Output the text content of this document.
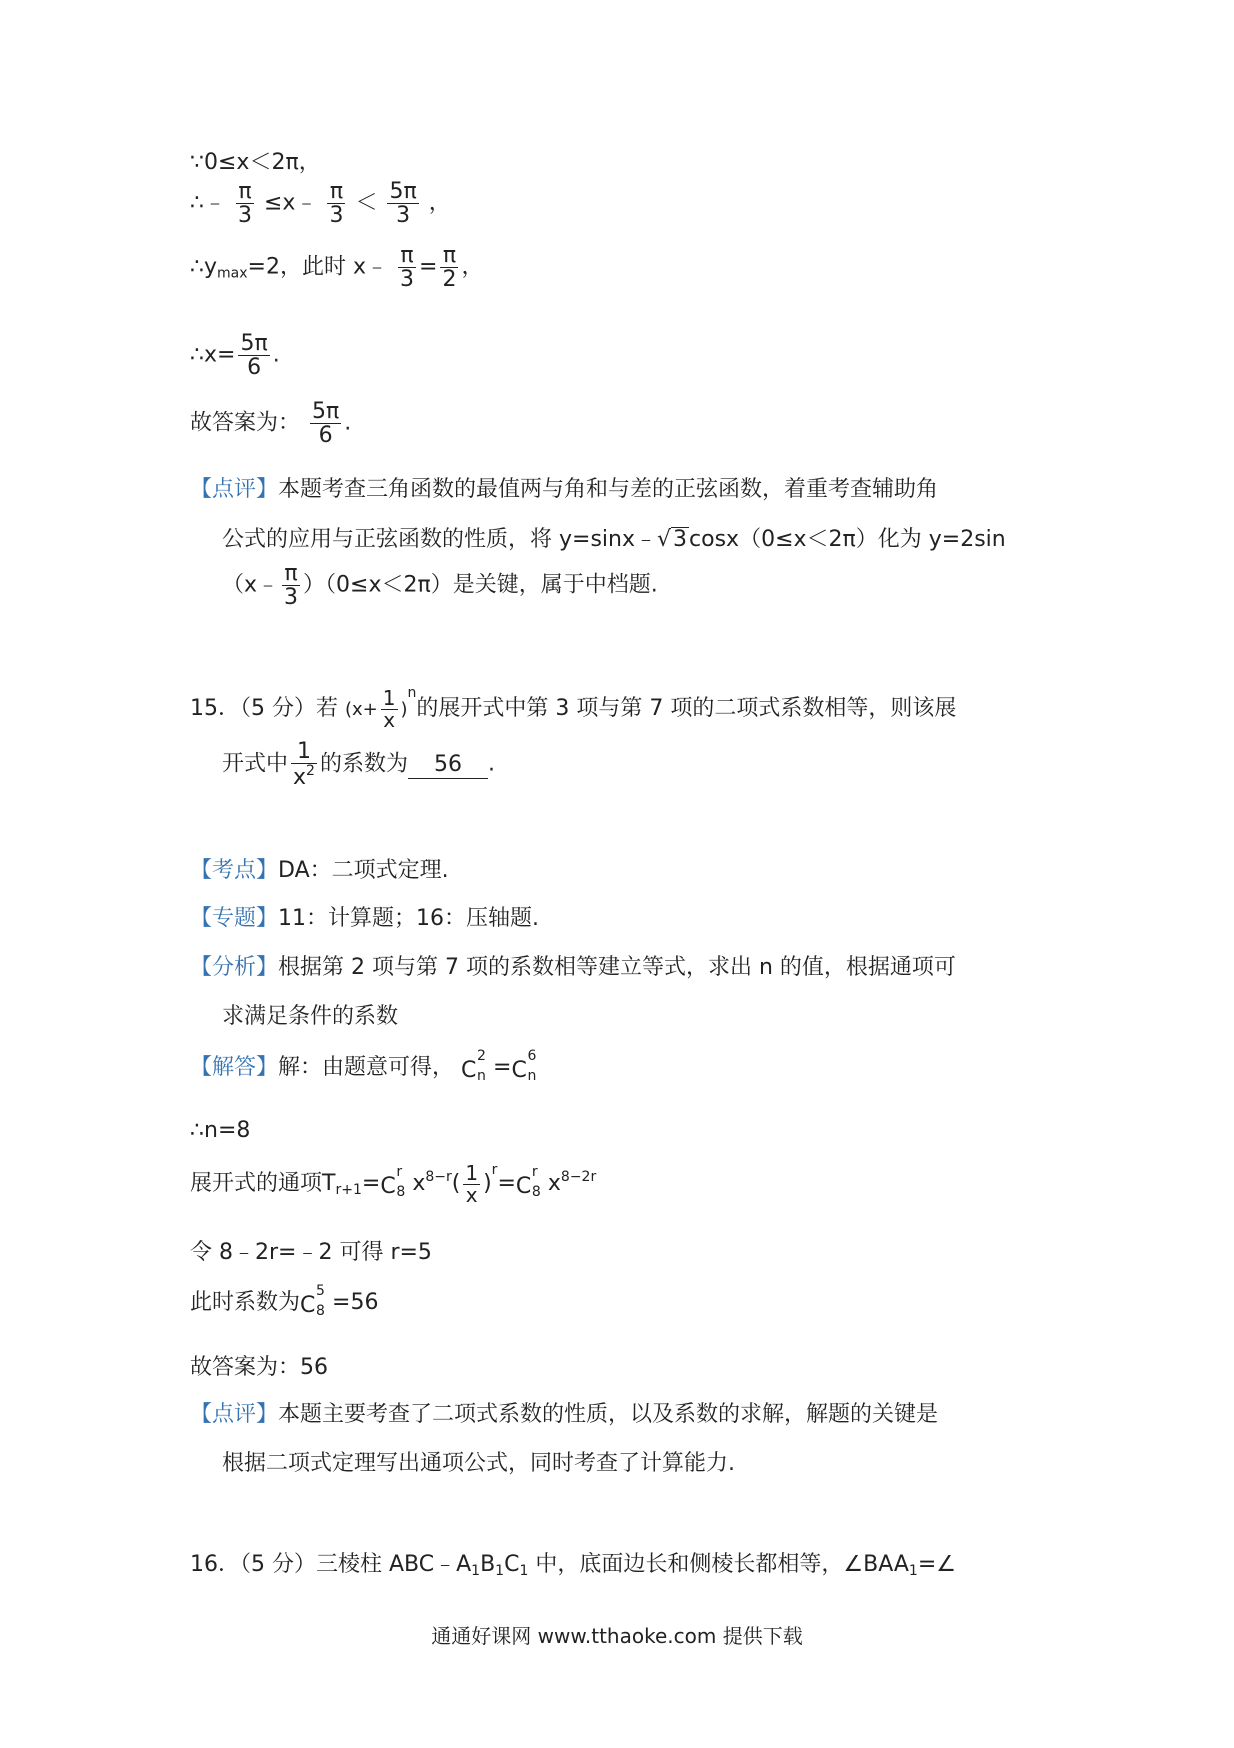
∵0≤x＜2π，
∴﹣ $\frac{\pi}{3}$ ≤x﹣ $\frac{\pi}{3} < \frac{5\pi}{3}$ ，
$\therefore y_{max}=2$，此时 x﹣ $\frac{\pi}{3} = \frac{\pi}{2}$ ，
∴x= $\frac{5\pi}{6}$ .
故答案为： $\frac{5\pi}{6}$ .
【点评】本题考查三角函数的最值两与角和与差的正弦函数，着重考查辅助角
公式的应用与正弦函数的性质，将 y=sinx﹣√3cosx（0≤x＜2π）化为 y=2sin
（x﹣ $\frac{\pi}{3} )(0\le x<2\pi)$是关键，属于中档题.
15．（5 分）若 $(x+ \frac{1}{x} )^n$的展开式中第 3 项与第 7 项的二项式系数相等，则该展
开式中 $\frac{1}{x^2}$ 的系数为 56 .
【考点】DA：二项式定理.
【专题】11：计算题；16：压轴题.
【分析】根据第 2 项与第 7 项的系数相等建立等式，求出 n 的值，根据通项可
求满足条件的系数
【解答】解：由题意可得， C
2
n = C
6
n
∴n=8
展开式的通项$T_{r+1}= C$
r
8 $x^{8-r}( \frac{1}{x} )^r= C$
r
8 $x^{8-2r}$
令 8﹣2r=﹣2 可得 r=5
此时系数为 C
5
8 =56
故答案为：56
【点评】本题主要考查了二项式系数的性质，以及系数的求解，解题的关键是
根据二项式定理写出通项公式，同时考查了计算能力.
16．（5 分）三棱柱 $ABC﹣A_1B_1C_1$ 中，底面边长和侧棱长都相等，$\angle BAA_1=\angle$
通通好课网 www.tthaoke.com 提供下载
